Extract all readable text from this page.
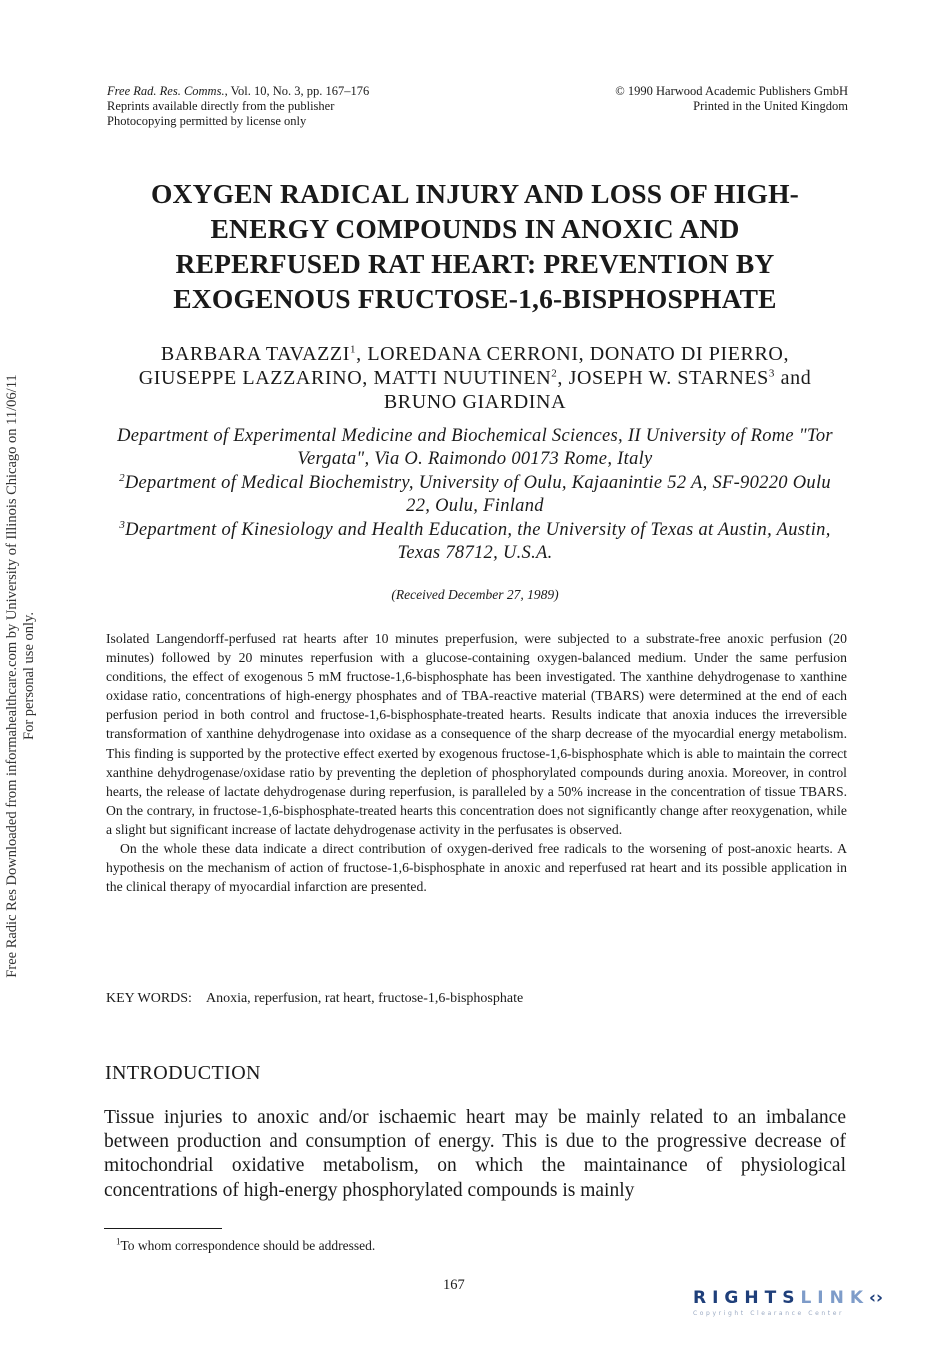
Free Rad. Res. Comms., Vol. 10, No. 3, pp. 167–176
Reprints available directly from the publisher
Photocopying permitted by license only
© 1990 Harwood Academic Publishers GmbH
Printed in the United Kingdom
Free Radic Res Downloaded from informahealthcare.com by University of Illinois Chicago on 11/06/11 For personal use only.
OXYGEN RADICAL INJURY AND LOSS OF HIGH-
ENERGY COMPOUNDS IN ANOXIC AND
REPERFUSED RAT HEART: PREVENTION BY
EXOGENOUS FRUCTOSE-1,6-BISPHOSPHATE
BARBARA TAVAZZI$^1$, LOREDANA CERRONI, DONATO DI PIERRO,
GIUSEPPE LAZZARINO, MATTI NUUTINEN$^2$, JOSEPH W. STARNES$^3$ and
BRUNO GIARDINA

Department of Experimental Medicine and Biochemical Sciences, II University of Rome "Tor Vergata", Via O. Raimondo 00173 Rome, Italy

$^2$Department of Medical Biochemistry, University of Oulu, Kajaanintie 52 A, SF-90220 Oulu 22, Oulu, Finland

$^3$Department of Kinesiology and Health Education, the University of Texas at Austin, Austin, Texas 78712, U.S.A.

(Received December 27, 1989)

Isolated Langendorff-perfused rat hearts after 10 minutes preperfusion, were subjected to a substrate-free anoxic perfusion (20 minutes) followed by 20 minutes reperfusion with a glucose-containing oxygen-balanced medium. Under the same perfusion conditions, the effect of exogenous 5 mM fructose-1,6-bisphosphate has been investigated. The xanthine dehydrogenase to xanthine oxidase ratio, concentrations of high-energy phosphates and of TBA-reactive material (TBARS) were determined at the end of each perfusion period in both control and fructose-1,6-bisphosphate-treated hearts. Results indicate that anoxia induces the irreversible transformation of xanthine dehydrogenase into oxidase as a consequence of the sharp decrease of the myocardial energy metabolism. This finding is supported by the protective effect exerted by exogenous fructose-1,6-bisphosphate which is able to maintain the correct xanthine dehydrogenase/oxidase ratio by preventing the depletion of phosphorylated compounds during anoxia. Moreover, in control hearts, the release of lactate dehydrogenase during reperfusion, is paralleled by a 50% increase in the concentration of tissue TBARS. On the contrary, in fructose-1,6-bisphosphate-treated hearts this concentration does not significantly change after reoxygenation, while a slight but significant increase of lactate dehydrogenase activity in the perfusates is observed.

On the whole these data indicate a direct contribution of oxygen-derived free radicals to the worsening of post-anoxic hearts. A hypothesis on the mechanism of action of fructose-1,6-bisphosphate in anoxic and reperfused rat heart and its possible application in the clinical therapy of myocardial infarction are presented.

KEY WORDS: Anoxia, reperfusion, rat heart, fructose-1,6-bisphosphate
INTRODUCTION

Tissue injuries to anoxic and/or ischaemic heart may be mainly related to an imbalance between production and consumption of energy. This is due to the progressive decrease of mitochondrial oxidative metabolism, on which the maintainance of physiological concentrations of high-energy phosphorylated compounds is mainly

$^1$To whom correspondence should be addressed.
167
RIGHTSLINK‹›
Copyright Clearance Center
